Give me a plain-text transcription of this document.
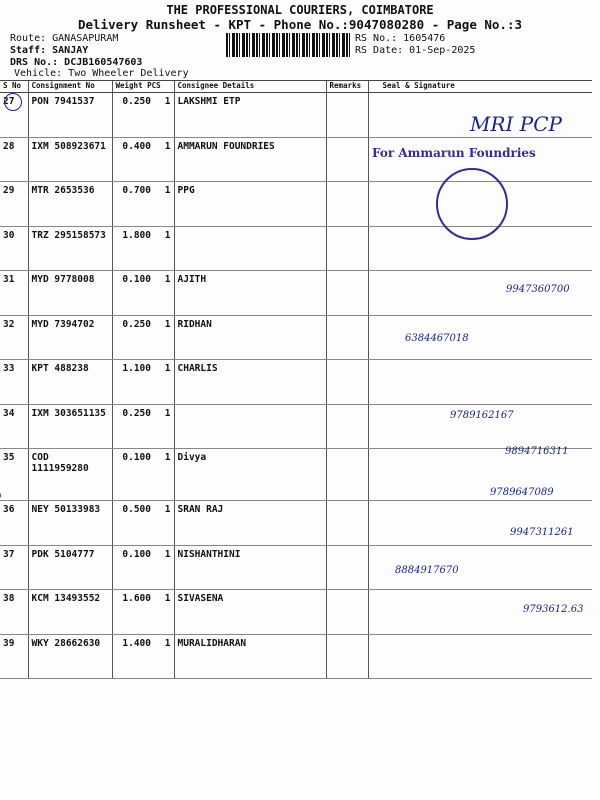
THE PROFESSIONAL COURIERS, COIMBATORE
Delivery Runsheet - KPT - Phone No.:9047080280 - Page No.:3
Route: GANASAPURAM
Staff: SANJAY
DRS No.: DCJB160547603
Vehicle: Two Wheeler Delivery
RS No.: 1605476
RS Date: 01-Sep-2025
S No	Consignment No	Weight PCS		Consignee Details	Remarks	Seal & Signature
27	PON 7941537	0.250	1	LAKSHMI ETP		
28	IXM 508923671	0.400	1	AMMARUN FOUNDRIES		
29	MTR 2653536	0.700	1	PPG		
30	TRZ 295158573	1.800	1			
31	MYD 9778008	0.100	1	AJITH		
32	MYD 7394702	0.250	1	RIDHAN		
33	KPT 488238	1.100	1	CHARLIS		
34	IXM 303651135	0.250	1			
35	COD 1111959280	0.100	1	Divya		
36	NEY 50133983	0.500	1	SRAN RAJ		
37	PDK 5104777	0.100	1	NISHANTHINI		
38	KCM 13493552	1.600	1	SIVASENA		
39	WKY 28662630	1.400	1	MURALIDHARAN		
MRI PCP
For Ammarun Foundries
9947360700
6384467018
9789162167
9894716311
9789647089
9947311261
8884917670
9793612.63
